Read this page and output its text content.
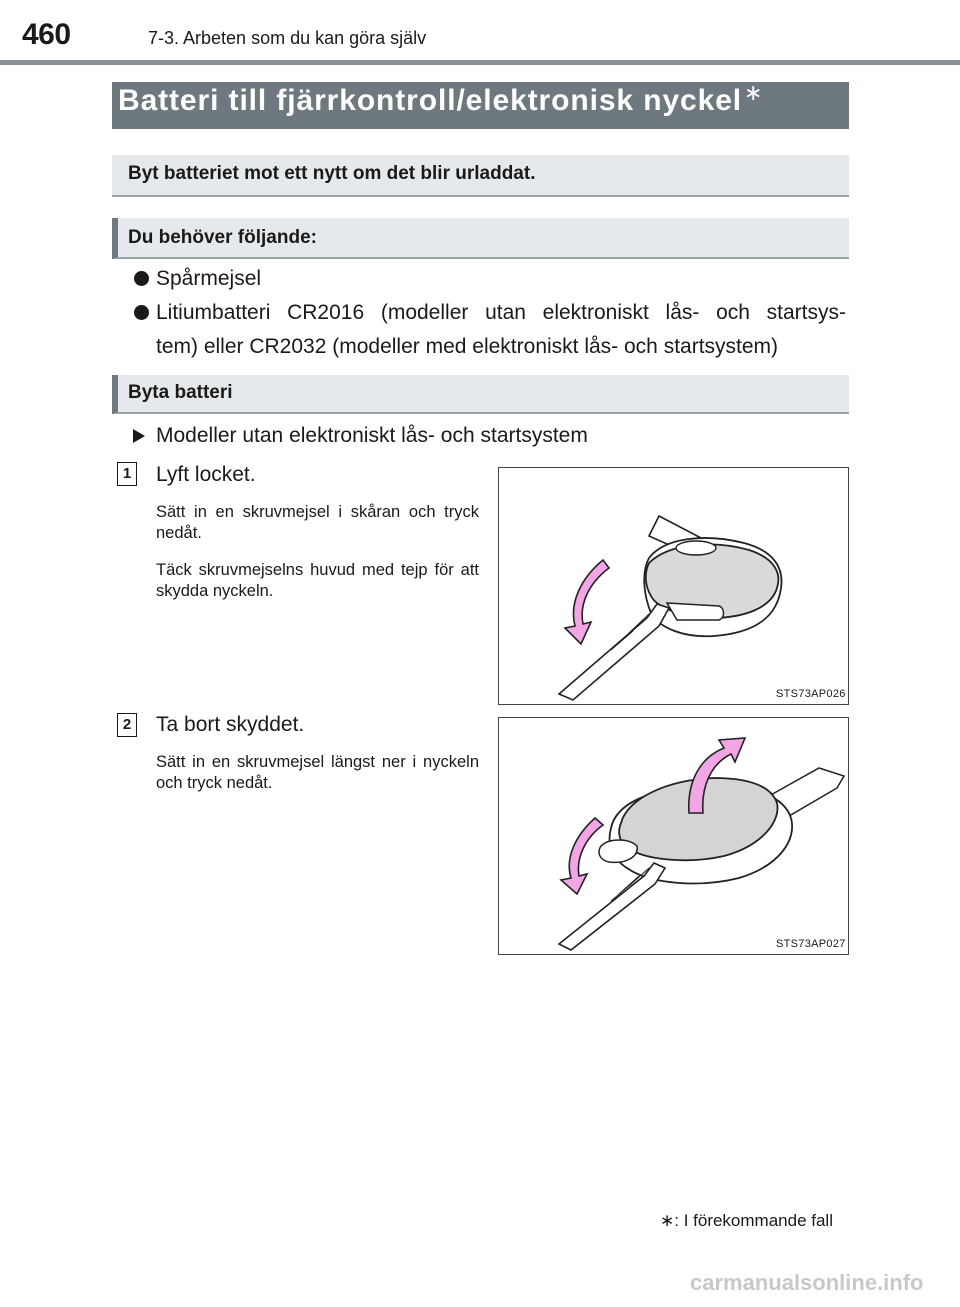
460	7-3. Arbeten som du kan göra själv
Batteri till fjärrkontroll/elektronisk nyckel∗
Byt batteriet mot ett nytt om det blir urladdat.
Du behöver följande:
Spårmejsel
Litiumbatteri CR2016 (modeller utan elektroniskt lås- och startsys-
tem) eller CR2032 (modeller med elektroniskt lås- och startsystem)
Byta batteri
Modeller utan elektroniskt lås- och startsystem
1 Lyft locket.
Sätt in en skruvmejsel i skåran och tryck nedåt.
Täck skruvmejselns huvud med tejp för att skydda nyckeln.
STS73AP026
2 Ta bort skyddet.
Sätt in en skruvmejsel längst ner i nyckeln och tryck nedåt.
STS73AP027
∗: I förekommande fall
carmanualsonline.info
